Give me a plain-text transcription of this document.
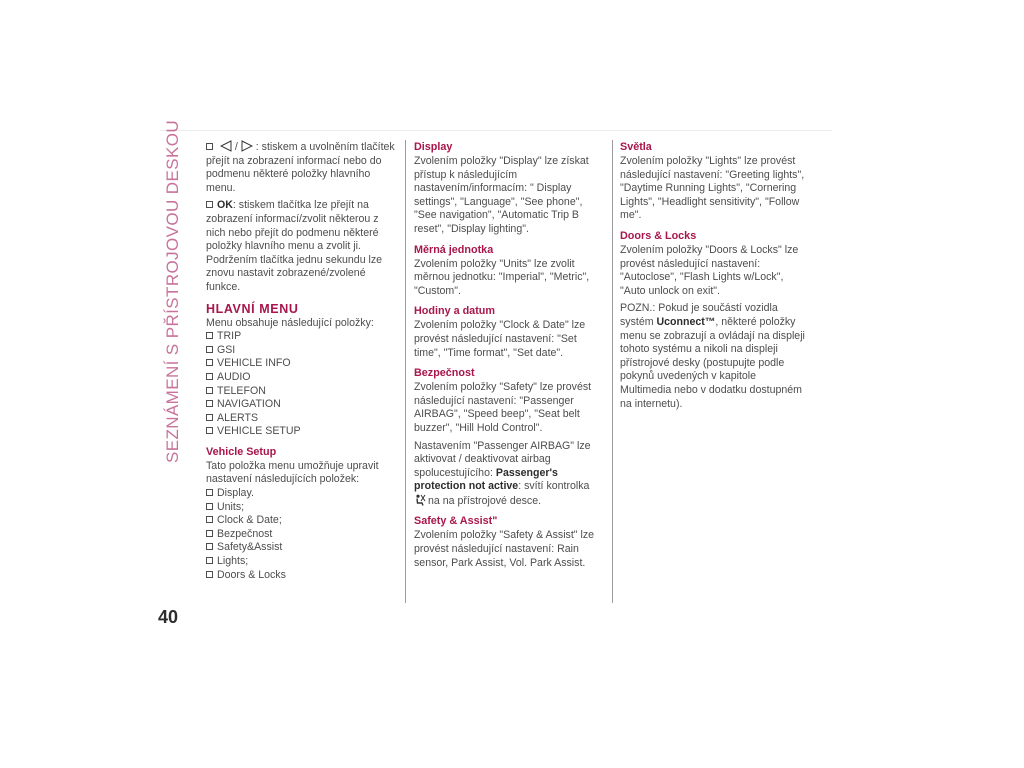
SEZNÁMENÍ S PŘÍSTROJOVOU DESKOU
40

/ : stiskem a uvolněním tlačítek přejít na zobrazení informací nebo do podmenu některé položky hlavního menu.

OK: stiskem tlačítka lze přejít na zobrazení informací/zvolit některou z nich nebo přejít do podmenu některé položky hlavního menu a zvolit ji. Podržením tlačítka jednu sekundu lze znovu nastavit zobrazené/zvolené funkce.

HLAVNÍ MENU
Menu obsahuje následující položky:
TRIP
GSI
VEHICLE INFO
AUDIO
TELEFON
NAVIGATION
ALERTS
VEHICLE SETUP
Vehicle Setup
Tato položka menu umožňuje upravit nastavení následujících položek:
Display.
Units;
Clock & Date;
Bezpečnost
Safety&Assist
Lights;
Doors & Locks
Display

Zvolením položky "Display" lze získat přístup k následujícím nastavením/informacím: " Display settings", "Language", "See phone", "See navigation", "Automatic Trip B reset", "Display lighting".

Měrná jednotka

Zvolením položky "Units" lze zvolit měrnou jednotku: "Imperial", "Metric", "Custom".

Hodiny a datum

Zvolením položky "Clock & Date" lze provést následující nastavení: "Set time", "Time format", "Set date".

Bezpečnost

Zvolením položky "Safety" lze provést následující nastavení: "Passenger AIRBAG", "Speed beep", "Seat belt buzzer", "Hill Hold Control".

Nastavením "Passenger AIRBAG" lze aktivovat / deaktivovat airbag spolucestujícího: Passenger's protection not active: svítí kontrolka
na na přístrojové desce.

Safety & Assist"

Zvolením položky "Safety & Assist" lze provést následující nastavení: Rain sensor, Park Assist, Vol. Park Assist.

Světla

Zvolením položky "Lights" lze provést následující nastavení: "Greeting lights", "Daytime Running Lights", "Cornering Lights", "Headlight sensitivity", "Follow me".

Doors & Locks

Zvolením položky "Doors & Locks" lze provést následující nastavení: "Autoclose", "Flash Lights w/Lock", "Auto unlock on exit".

POZN.: Pokud je součástí vozidla systém Uconnect™, některé položky menu se zobrazují a ovládají na displeji tohoto systému a nikoli na displeji přístrojové desky (postupujte podle pokynů uvedených v kapitole Multimedia nebo v dodatku dostupném na internetu).
